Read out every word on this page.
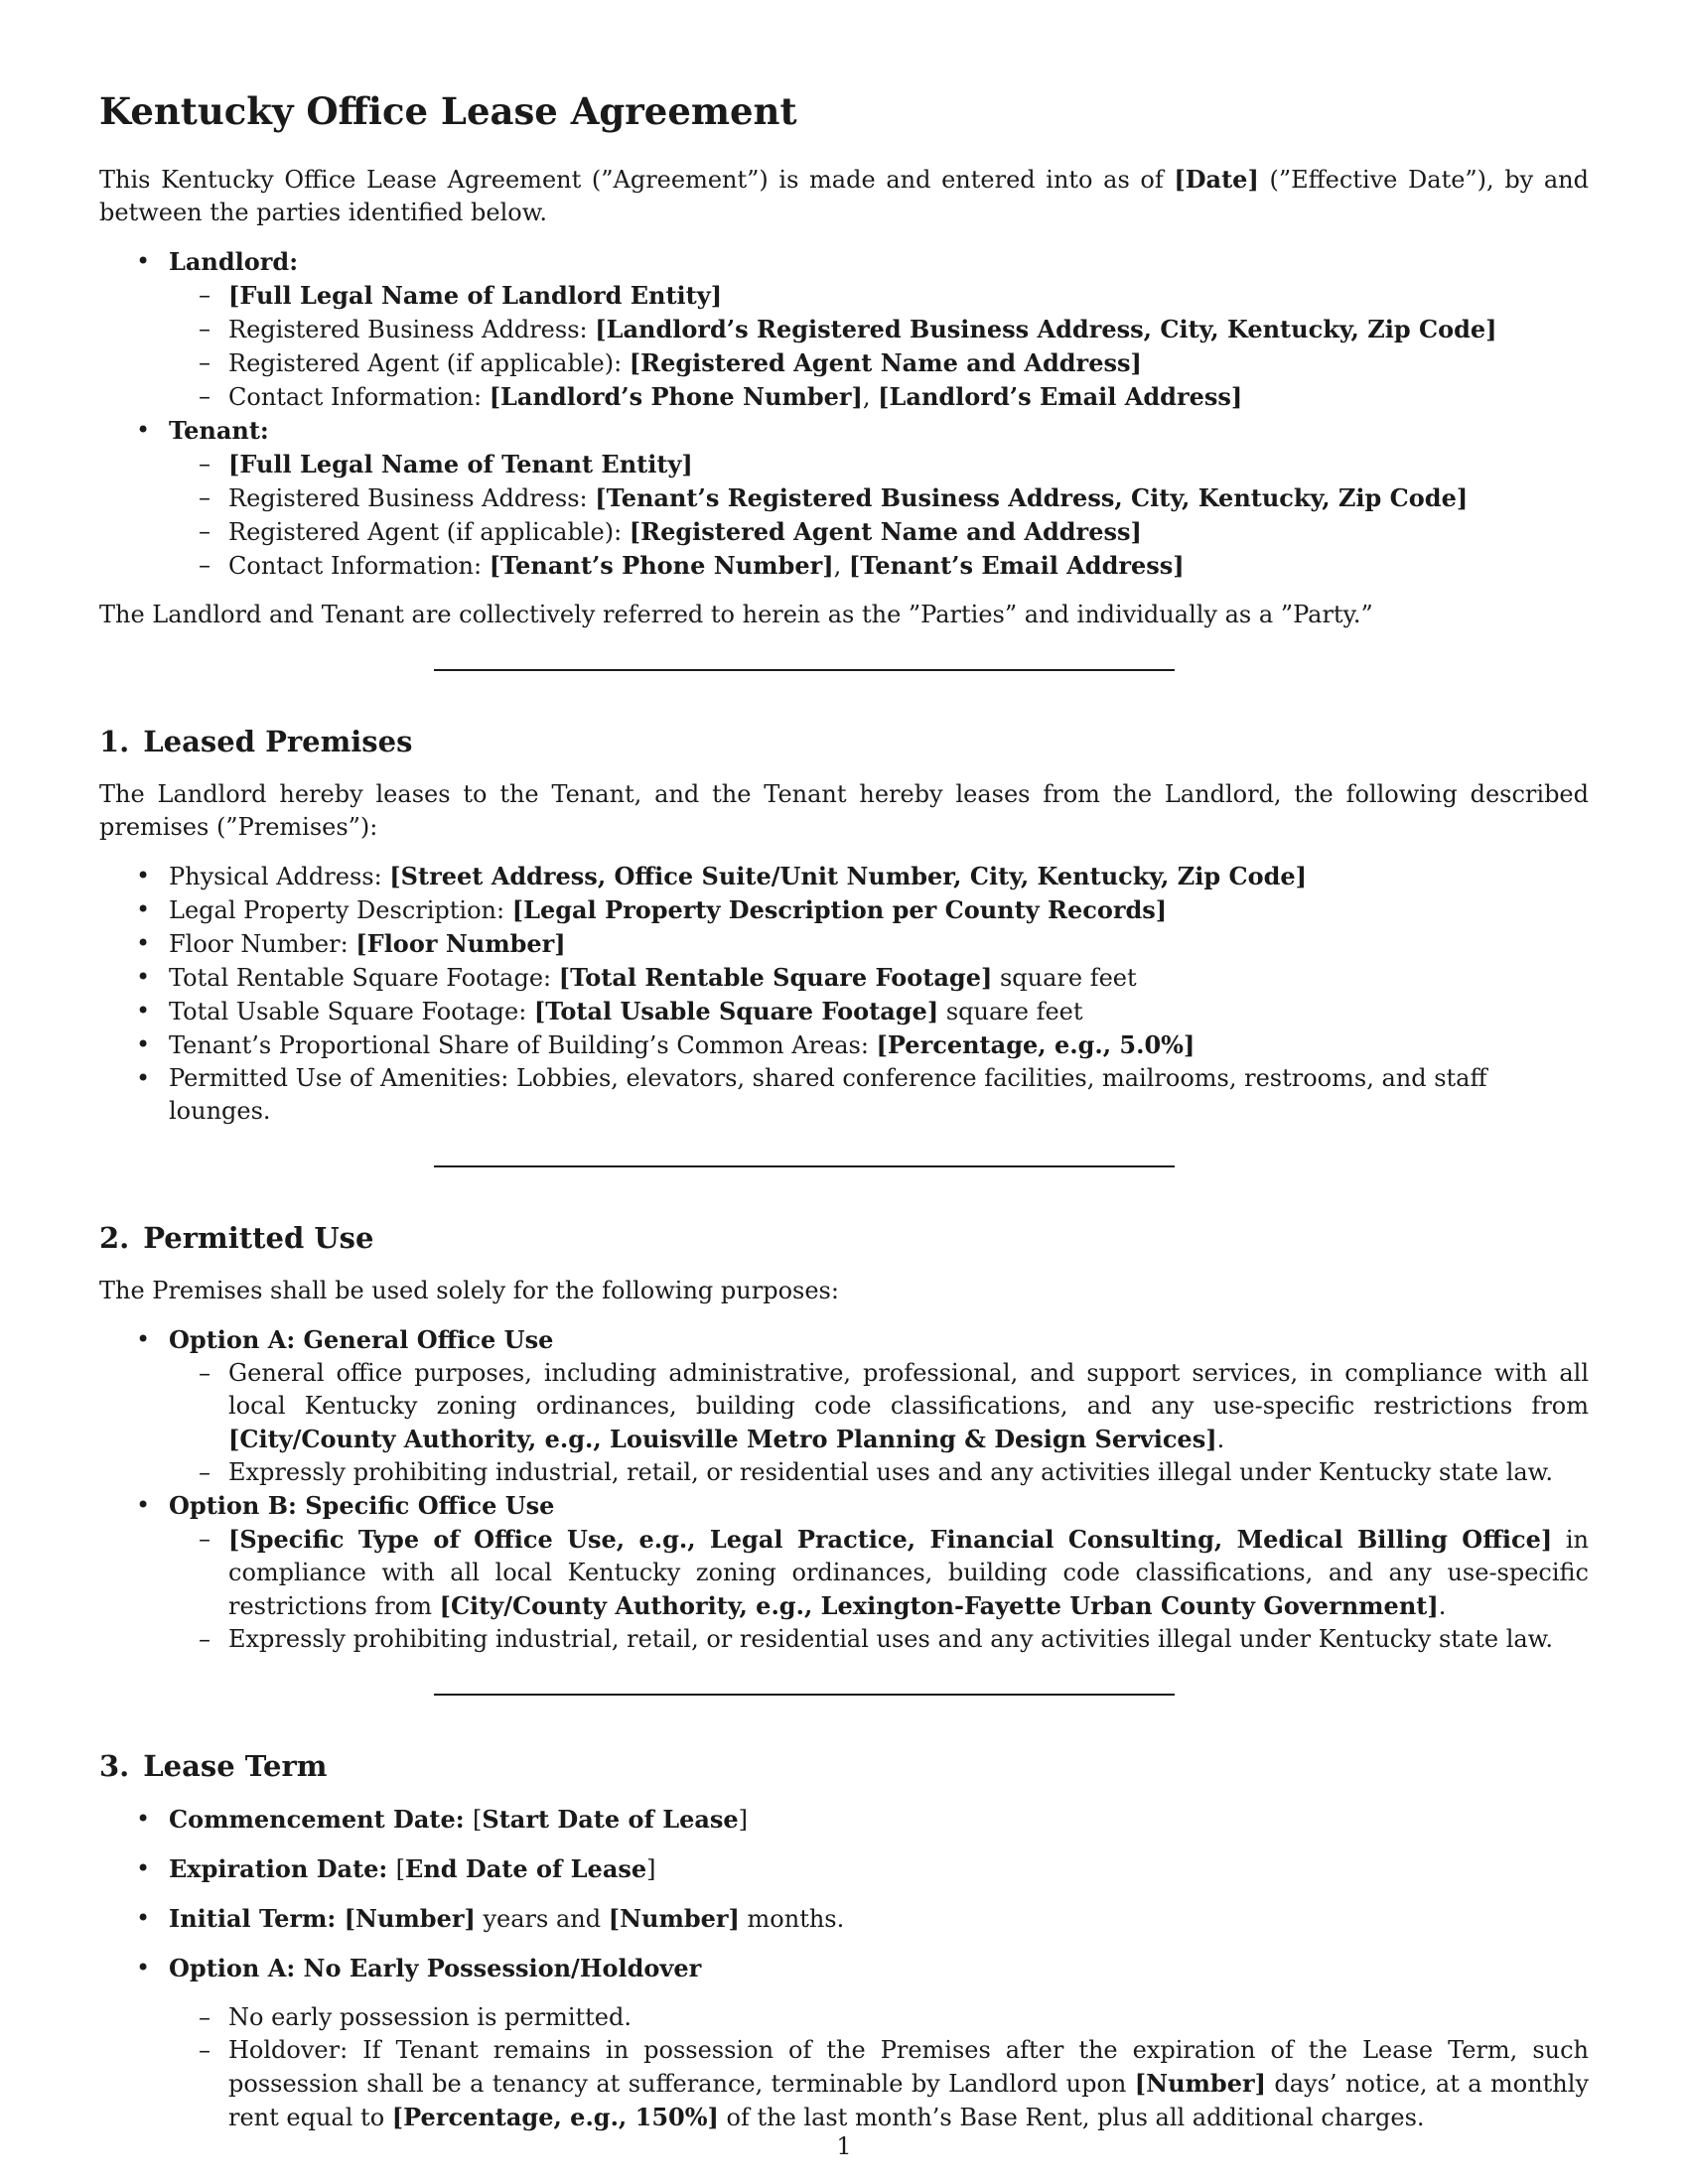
Kentucky Office Lease Agreement

This Kentucky Office Lease Agreement (”Agreement”) is made and entered into as of [Date] (”Effective Date”), by and between the parties identified below.

• Landlord:
– [Full Legal Name of Landlord Entity]
– Registered Business Address: [Landlord’s Registered Business Address, City, Kentucky, Zip Code]
– Registered Agent (if applicable): [Registered Agent Name and Address]
– Contact Information: [Landlord’s Phone Number], [Landlord’s Email Address]
• Tenant:
– [Full Legal Name of Tenant Entity]
– Registered Business Address: [Tenant’s Registered Business Address, City, Kentucky, Zip Code]
– Registered Agent (if applicable): [Registered Agent Name and Address]
– Contact Information: [Tenant’s Phone Number], [Tenant’s Email Address]

The Landlord and Tenant are collectively referred to herein as the ”Parties” and individually as a ”Party.”

1. Leased Premises

The Landlord hereby leases to the Tenant, and the Tenant hereby leases from the Landlord, the following described premises (”Premises”):

• Physical Address: [Street Address, Office Suite/Unit Number, City, Kentucky, Zip Code]
• Legal Property Description: [Legal Property Description per County Records]
• Floor Number: [Floor Number]
• Total Rentable Square Footage: [Total Rentable Square Footage] square feet
• Total Usable Square Footage: [Total Usable Square Footage] square feet
• Tenant’s Proportional Share of Building’s Common Areas: [Percentage, e.g., 5.0%]
• Permitted Use of Amenities: Lobbies, elevators, shared conference facilities, mailrooms, restrooms, and staff lounges.
2. Permitted Use

The Premises shall be used solely for the following purposes:

• Option A: General Office Use
– General office purposes, including administrative, professional, and support services, in compliance with all local Kentucky zoning ordinances, building code classifications, and any use-specific restrictions from [City/County Authority, e.g., Louisville Metro Planning & Design Services].
– Expressly prohibiting industrial, retail, or residential uses and any activities illegal under Kentucky state law.
• Option B: Specific Office Use
– [Specific Type of Office Use, e.g., Legal Practice, Financial Consulting, Medical Billing Office] in compliance with all local Kentucky zoning ordinances, building code classifications, and any use-specific restrictions from [City/County Authority, e.g., Lexington-Fayette Urban County Government].
– Expressly prohibiting industrial, retail, or residential uses and any activities illegal under Kentucky state law.
3. Lease Term
• Commencement Date: [Start Date of Lease]
• Expiration Date: [End Date of Lease]
• Initial Term: [Number] years and [Number] months.
• Option A: No Early Possession/Holdover
– No early possession is permitted.
– Holdover: If Tenant remains in possession of the Premises after the expiration of the Lease Term, such possession shall be a tenancy at sufferance, terminable by Landlord upon [Number] days’ notice, at a monthly rent equal to [Percentage, e.g., 150%] of the last month’s Base Rent, plus all additional charges.
1
